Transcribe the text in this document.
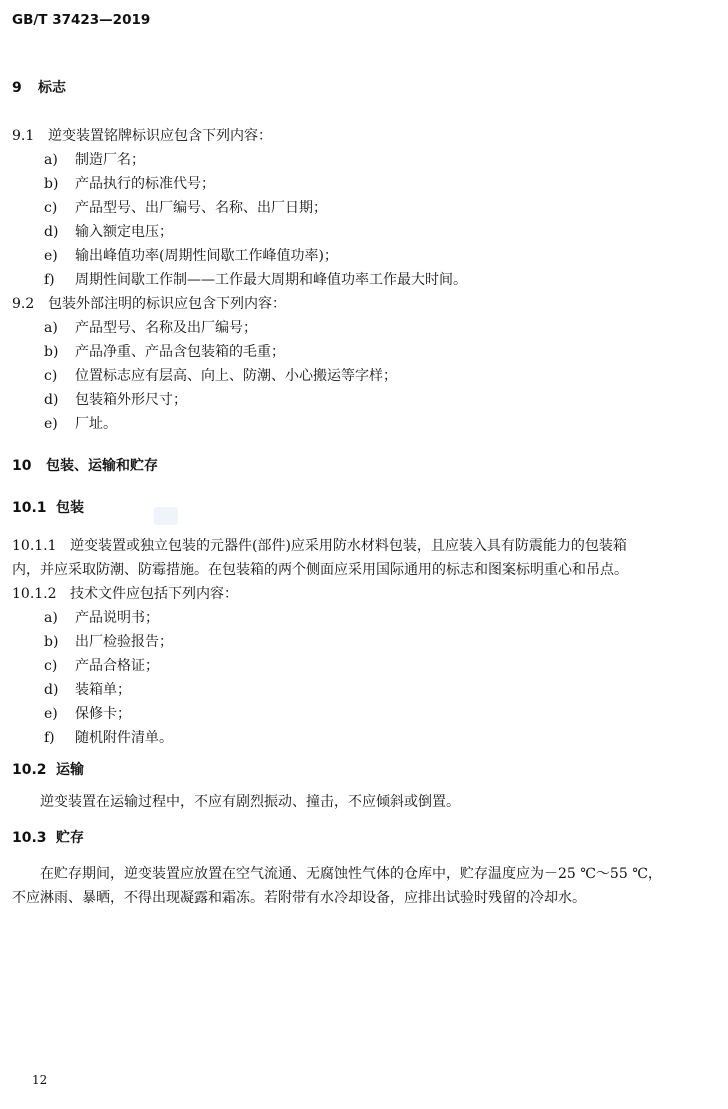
GB/T 37423—2019
9 标志
9.1 逆变装置铭牌标识应包含下列内容：
a) 制造厂名；
b) 产品执行的标准代号；
c) 产品型号、出厂编号、名称、出厂日期；
d) 输入额定电压；
e) 输出峰值功率(周期性间歇工作峰值功率)；
f) 周期性间歇工作制——工作最大周期和峰值功率工作最大时间。
9.2 包装外部注明的标识应包含下列内容：
a) 产品型号、名称及出厂编号；
b) 产品净重、产品含包装箱的毛重；
c) 位置标志应有层高、向上、防潮、小心搬运等字样；
d) 包装箱外形尺寸；
e) 厂址。
10 包装、运输和贮存
10.1 包装
10.1.1 逆变装置或独立包装的元器件(部件)应采用防水材料包装，且应装入具有防震能力的包装箱
内，并应采取防潮、防霉措施。在包装箱的两个侧面应采用国际通用的标志和图案标明重心和吊点。
10.1.2 技术文件应包括下列内容：
a) 产品说明书；
b) 出厂检验报告；
c) 产品合格证；
d) 装箱单；
e) 保修卡；
f) 随机附件清单。
10.2 运输
逆变装置在运输过程中，不应有剧烈振动、撞击，不应倾斜或倒置。
10.3 贮存
在贮存期间，逆变装置应放置在空气流通、无腐蚀性气体的仓库中，贮存温度应为－25 ℃～55 ℃，
不应淋雨、暴晒，不得出现凝露和霜冻。若附带有水冷却设备，应排出试验时残留的冷却水。
12
